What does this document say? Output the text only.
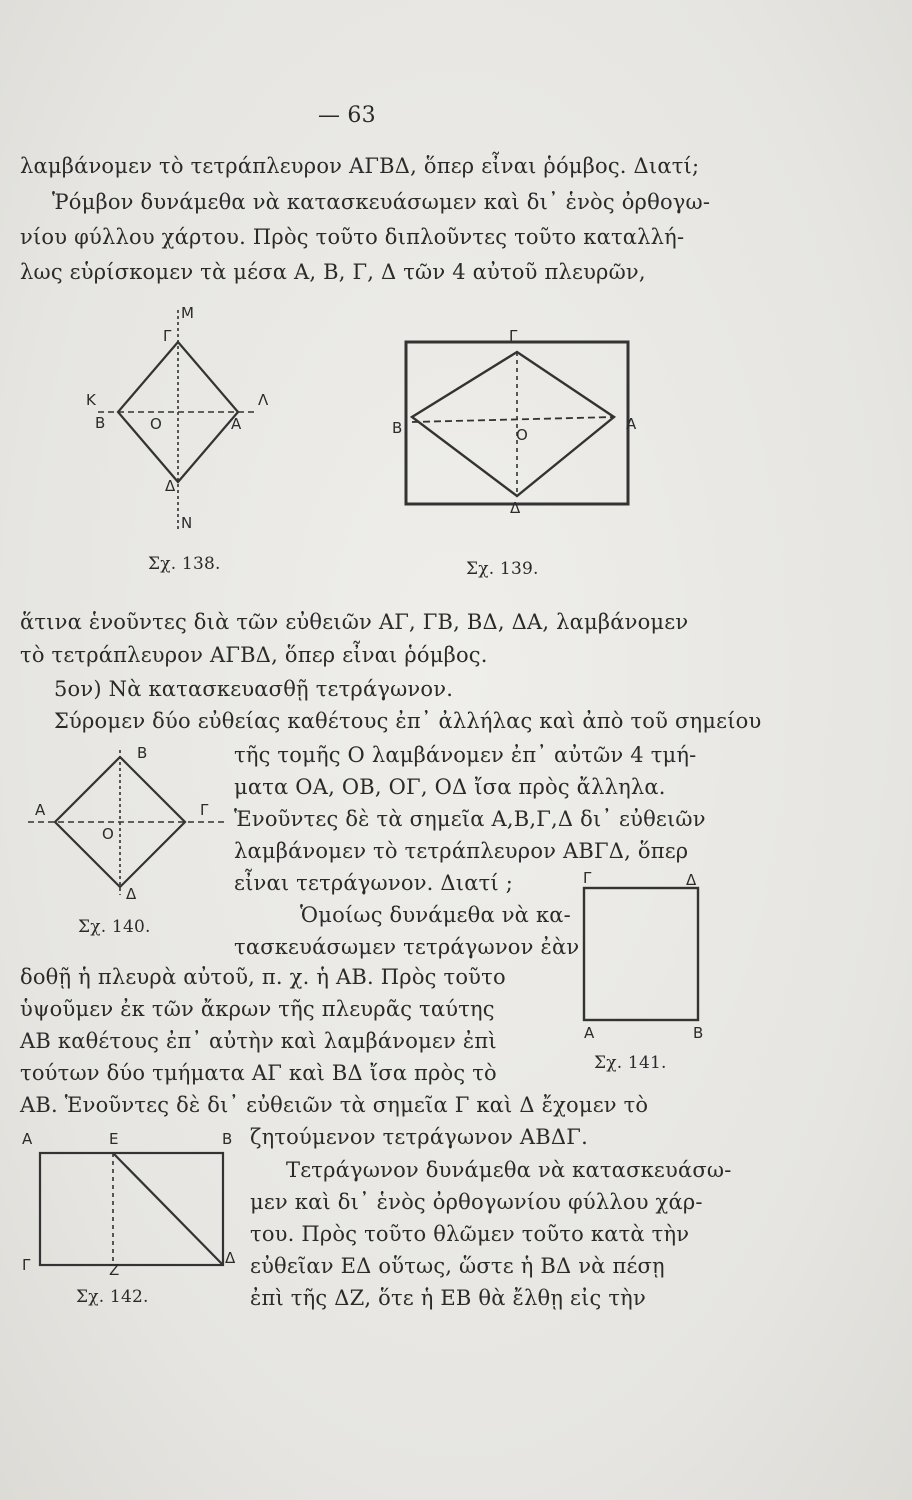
— 63
λαμβάνομεν τὸ τετράπλευρον ΑΓΒΔ, ὅπερ εἶναι ῥόμβος. Διατί;
Ῥόμβον δυνάμεθα νὰ κατασκευάσωμεν καὶ δι᾽ ἑνὸς ὀρθογω-
νίου φύλλου χάρτου. Πρὸς τοῦτο διπλοῦντες τοῦτο καταλλή-
λως εὑρίσκομεν τὰ μέσα Α, Β, Γ, Δ τῶν 4 αὐτοῦ πλευρῶν,
M
Γ
K	Λ
B	O	A
Δ
N
Σχ. 138.
Γ
B	O
A
Δ
Σχ. 139.
ἅτινα ἑνοῦντες διὰ τῶν εὐθειῶν ΑΓ, ΓΒ, ΒΔ, ΔΑ, λαμβάνομεν
τὸ τετράπλευρον ΑΓΒΔ, ὅπερ εἶναι ῥόμβος.
5ον) Νὰ κατασκευασθῇ τετράγωνον.
Σύρομεν δύο εὐθείας καθέτους ἐπ᾽ ἀλλήλας καὶ ἀπὸ τοῦ σημείου
B
A	Γ
O
Δ
Σχ. 140.
τῆς τομῆς Ο λαμβάνομεν ἐπ᾽ αὐτῶν 4 τμή-
ματα ΟΑ, ΟΒ, ΟΓ, ΟΔ ἴσα πρὸς ἄλληλα.
Ἑνοῦντες δὲ τὰ σημεῖα Α,Β,Γ,Δ δι᾽ εὐθειῶν
λαμβάνομεν τὸ τετράπλευρον ΑΒΓΔ, ὅπερ
εἶναι τετράγωνον. Διατί ;
Ὁμοίως δυνάμεθα νὰ κα-
τασκευάσωμεν τετράγωνον ἐὰν
Γ	Δ
A	B
Σχ. 141.
δοθῇ ἡ πλευρὰ αὐτοῦ, π. χ. ἡ ΑΒ. Πρὸς τοῦτο
ὑψοῦμεν ἐκ τῶν ἄκρων τῆς πλευρᾶς ταύτης
ΑΒ καθέτους ἐπ᾽ αὐτὴν καὶ λαμβάνομεν ἐπὶ
τούτων δύο τμήματα ΑΓ καὶ ΒΔ ἴσα πρὸς τὸ
ΑΒ. Ἑνοῦντες δὲ δι᾽ εὐθειῶν τὰ σημεῖα Γ καὶ Δ ἔχομεν τὸ
A	E	B
Γ	Z
Δ
Σχ. 142.
ζητούμενον τετράγωνον ΑΒΔΓ.
Τετράγωνον δυνάμεθα νὰ κατασκευάσω-
μεν καὶ δι᾽ ἑνὸς ὀρθογωνίου φύλλου χάρ-
του. Πρὸς τοῦτο θλῶμεν τοῦτο κατὰ τὴν
εὐθεῖαν ΕΔ οὕτως, ὥστε ἡ ΒΔ νὰ πέσῃ
ἐπὶ τῆς ΔΖ, ὅτε ἡ ΕΒ θὰ ἔλθῃ εἰς τὴν
